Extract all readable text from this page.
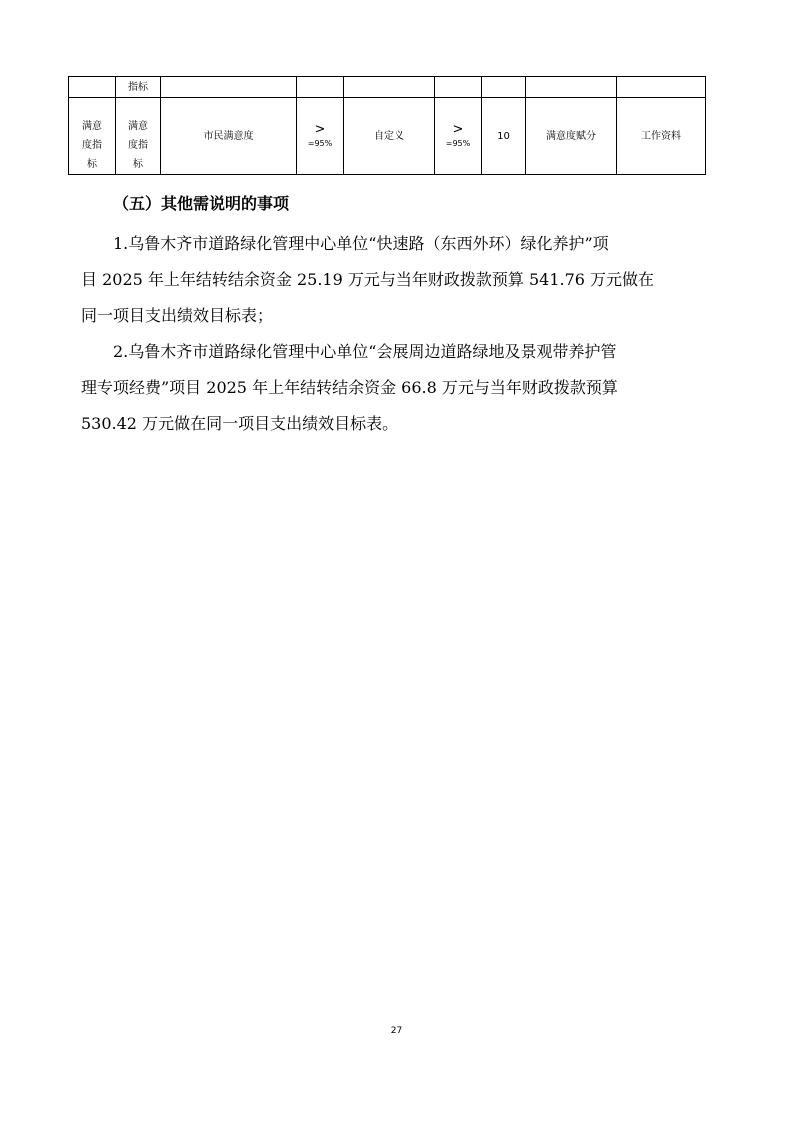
	指标							

满意
度指
标	满意
度指
标	市民满意度	>
=95%	自定义	>
=95%	10	满意度赋分	工作资料
（五）其他需说明的事项

1.乌鲁木齐市道路绿化管理中心单位“快速路（东西外环）绿化养护”项
目 2025 年上年结转结余资金 25.19 万元与当年财政拨款预算 541.76 万元做在
同一项目支出绩效目标表；

2.乌鲁木齐市道路绿化管理中心单位“会展周边道路绿地及景观带养护管
理专项经费”项目 2025 年上年结转结余资金 66.8 万元与当年财政拨款预算
530.42 万元做在同一项目支出绩效目标表。

27
